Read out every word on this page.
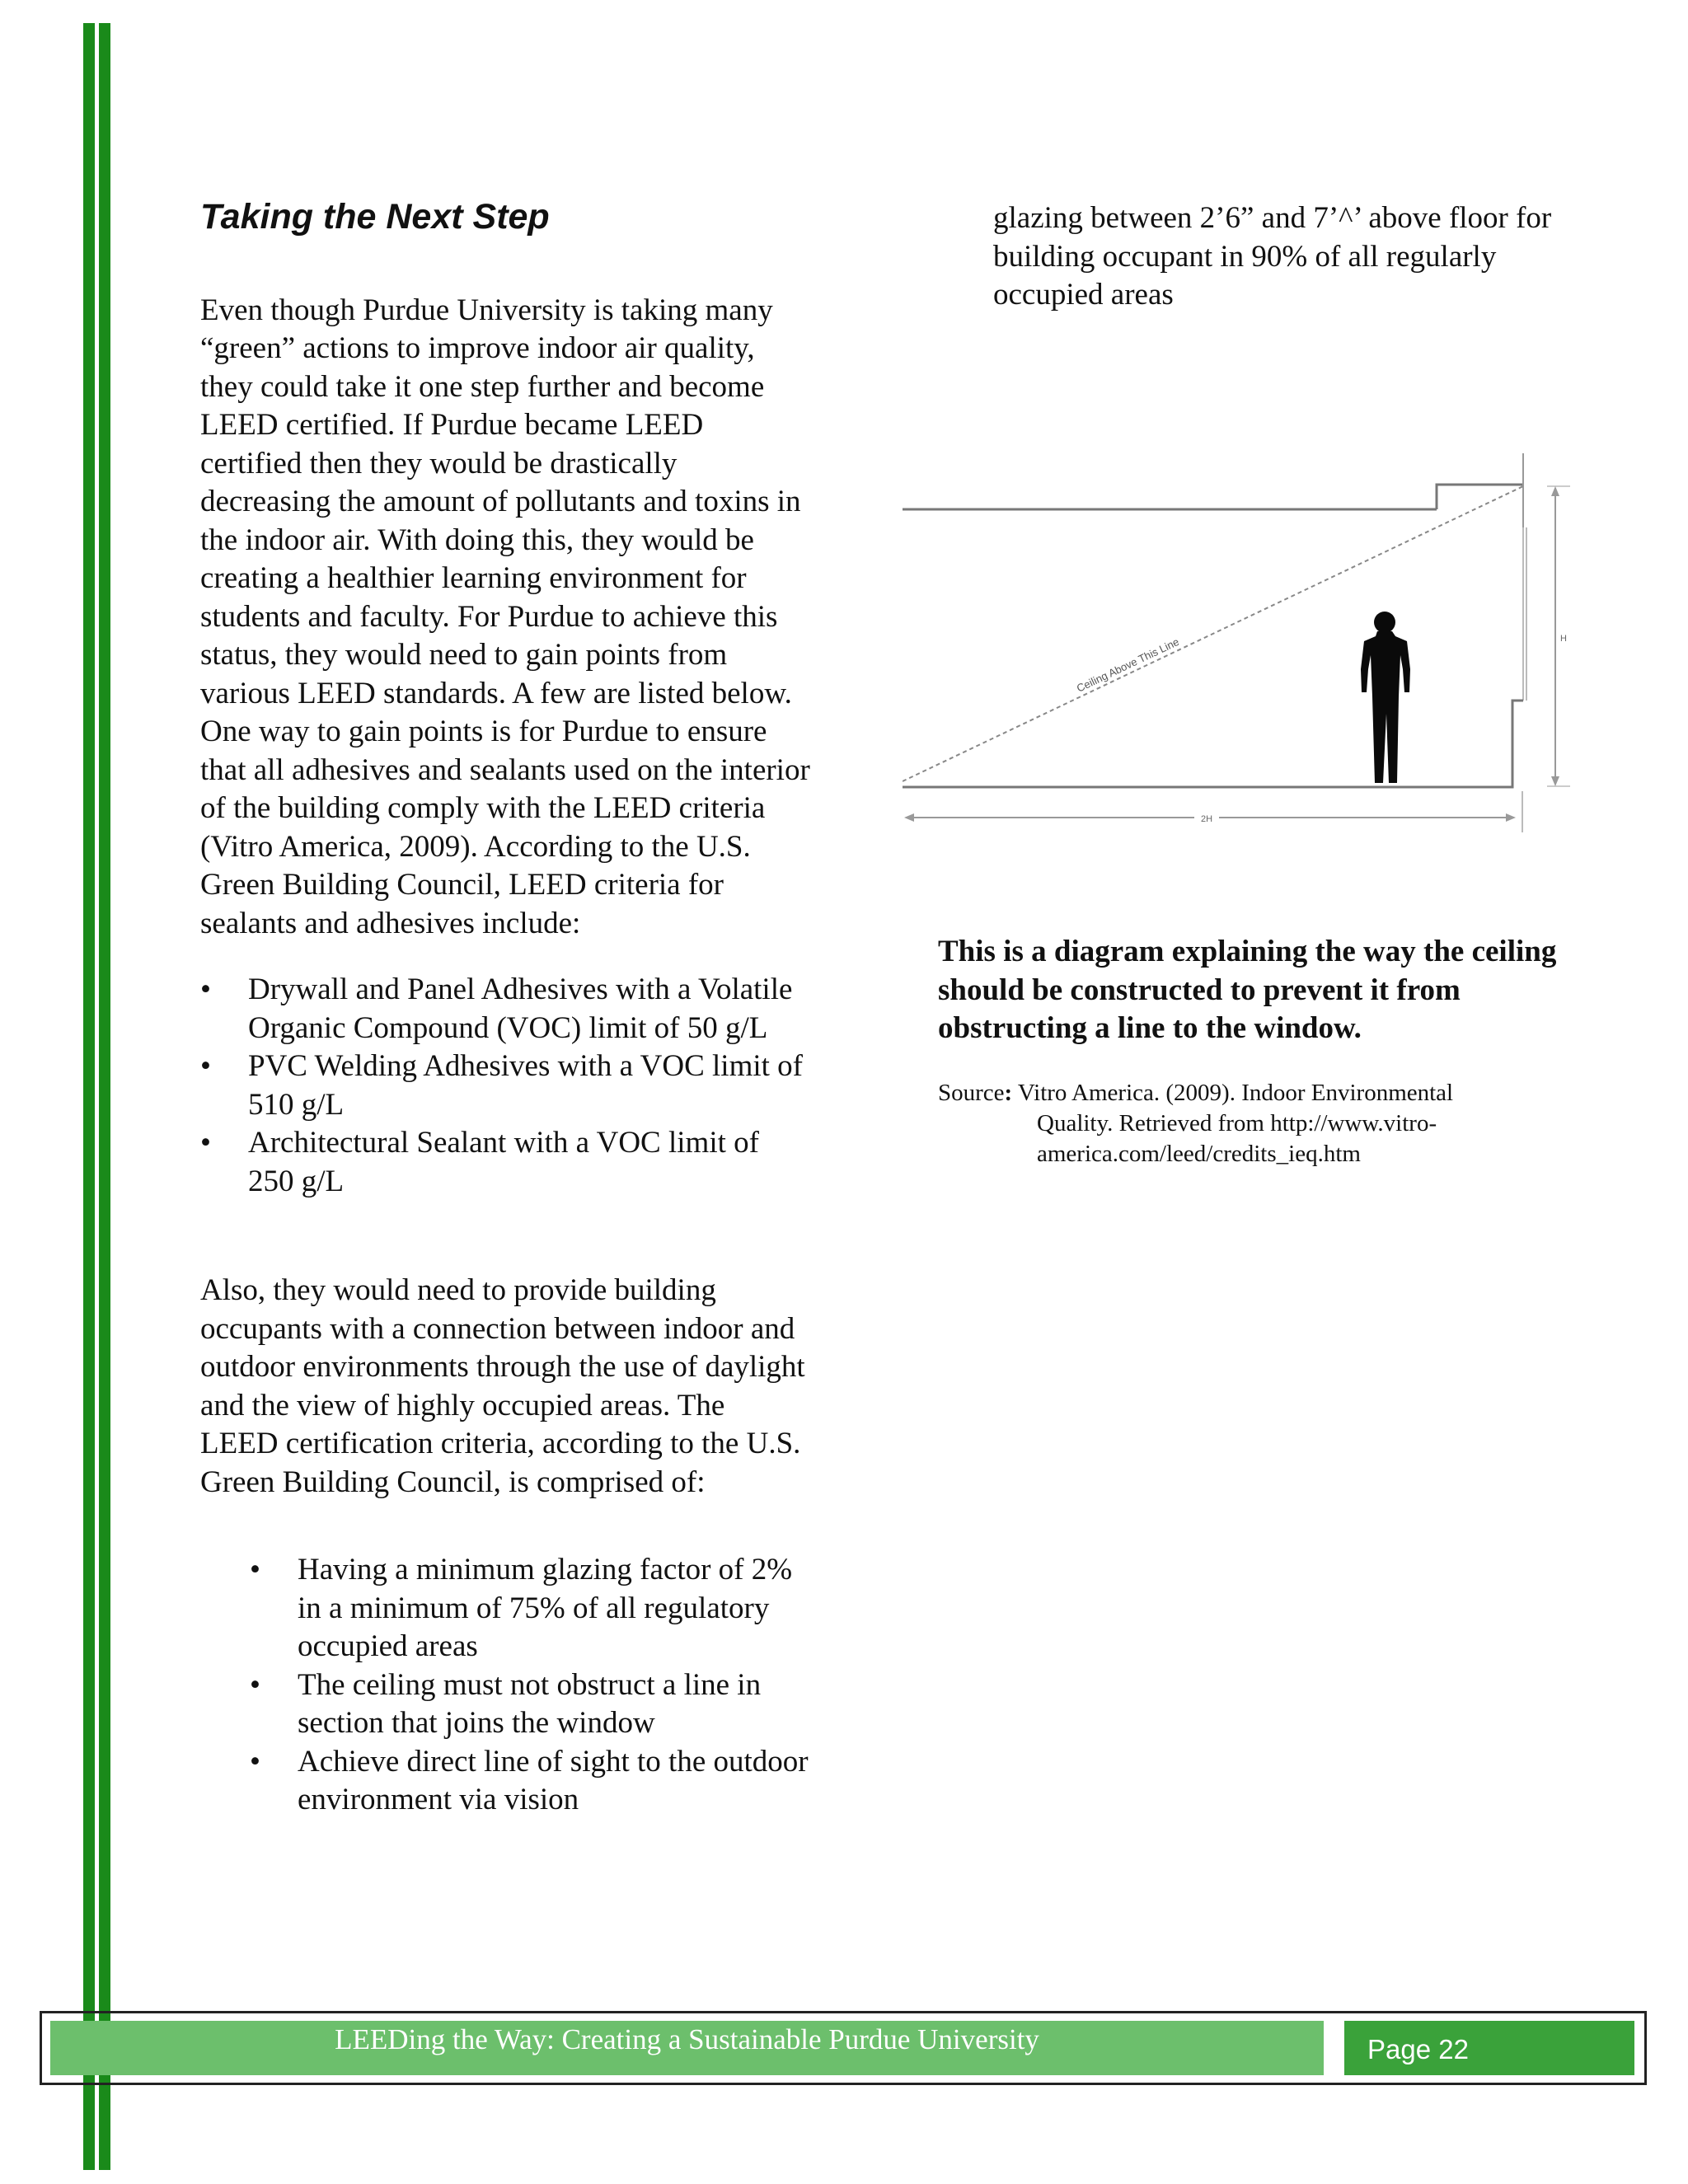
Taking the Next Step

Even though Purdue University is taking many “green” actions to improve indoor air quality, they could take it one step further and become LEED certified. If Purdue became LEED certified then they would be drastically decreasing the amount of pollutants and toxins in the indoor air. With doing this, they would be creating a healthier learning environment for students and faculty. For Purdue to achieve this status, they would need to gain points from various LEED standards. A few are listed below. One way to gain points is for Purdue to ensure that all adhesives and sealants used on the interior of the building comply with the LEED criteria (Vitro America, 2009). According to the U.S. Green Building Council, LEED criteria for sealants and adhesives include:

• Drywall and Panel Adhesives with a Volatile Organic Compound (VOC) limit of 50 g/L
• PVC Welding Adhesives with a VOC limit of 510 g/L
• Architectural Sealant with a VOC limit of 250 g/L

Also, they would need to provide building occupants with a connection between indoor and outdoor environments through the use of daylight and the view of highly occupied areas. The LEED certification criteria, according to the U.S. Green Building Council, is comprised of:

• Having a minimum glazing factor of 2% in a minimum of 75% of all regulatory occupied areas
• The ceiling must not obstruct a line in section that joins the window
• Achieve direct line of sight to the outdoor environment via vision
glazing between 2’6” and 7’^’ above floor for building occupant in 90% of all regularly occupied areas
Ceiling Above This Line	H
2H

This is a diagram explaining the way the ceiling should be constructed to prevent it from obstructing a line to the window.

Source: Vitro America. (2009). Indoor Environmental
Quality. Retrieved from http://www.vitro-america.com/leed/credits_ieq.htm
LEEDing the Way: Creating a Sustainable Purdue University	Page 22
